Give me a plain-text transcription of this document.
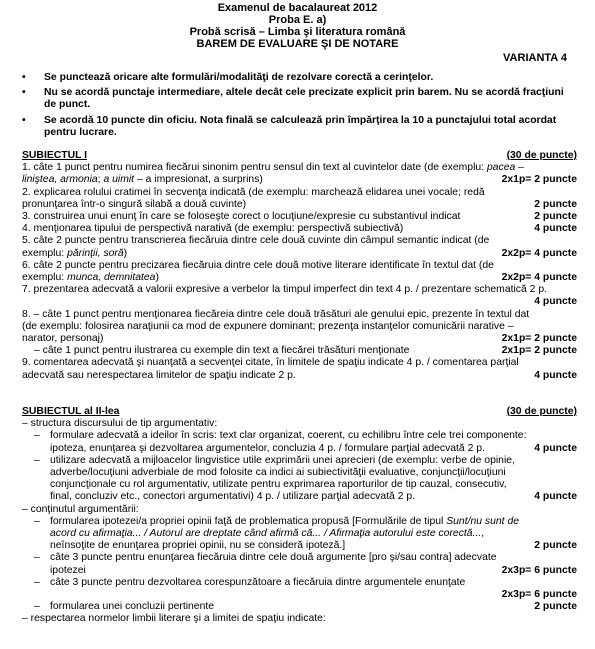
Examenul de bacalaureat 2012
Proba E. a)
Probă scrisă – Limba şi literatura română
BAREM DE EVALUARE ŞI DE NOTARE
VARIANTA 4
•	Se punctează oricare alte formulări/modalităţi de rezolvare corectă a cerinţelor.
•	Nu se acordă punctaje intermediare, altele decât cele precizate explicit prin barem. Nu se acordă fracţiuni de punct.
•	Se acordă 10 puncte din oficiu. Nota finală se calculează prin împărţirea la 10 a punctajului total acordat pentru lucrare.
SUBIECTUL I	(30 de puncte)
1. câte 1 punct pentru numirea fiecărui sinonim pentru sensul din text al cuvintelor date (de exemplu: pacea –
liniştea, armonia; a uimit – a impresionat, a surprins)	2x1p= 2 puncte
2. explicarea rolului cratimei în secvenţa indicată (de exemplu: marchează elidarea unei vocale; redă
pronunţarea într-o singură silabă a douǎ cuvinte)	2 puncte
3. construirea unui enunţ în care se foloseşte corect o locuţiune/expresie cu substantivul indicat	2 puncte
4. menţionarea tipului de perspectivă narativă (de exemplu: perspectivă subiectivă)	4 puncte
5. câte 2 puncte pentru transcrierea fiecăruia dintre cele două cuvinte din câmpul semantic indicat (de
exemplu: părinţii, soră)	2x2p= 4 puncte
6. câte 2 puncte pentru precizarea fiecăruia dintre cele două motive literare identificate în textul dat (de
exemplu: munca, demnitatea)	2x2p= 4 puncte
7. prezentarea adecvată a valorii expresive a verbelor la timpul imperfect din text 4 p. / prezentare schematică 2 p.
4 puncte
8. – câte 1 punct pentru menţionarea fiecăreia dintre cele două trăsături ale genului epic, prezente în textul dat
(de exemplu: folosirea naraţiunii ca mod de expunere dominant; prezenţa instanţelor comunicării narative –
narator, personaj)	2x1p= 2 puncte
– câte 1 punct pentru ilustrarea cu exemple din text a fiecărei trăsături menţionate	2x1p= 2 puncte
9. comentarea adecvată şi nuanţată a secvenţei citate, în limitele de spaţiu indicate 4 p. / comentarea parţial
adecvată sau nerespectarea limitelor de spaţiu indicate 2 p.	4 puncte
SUBIECTUL al II-lea	(30 de puncte)
– structura discursului de tip argumentativ:
– formulare adecvată a ideilor în scris: text clar organizat, coerent, cu echilibru între cele trei componente:
ipoteza, enunţarea şi dezvoltarea argumentelor, concluzia 4 p. / formulare parţial adecvată 2 p.	4 puncte
– utilizare adecvată a mijloacelor lingvistice utile exprimării unei aprecieri (de exemplu: verbe de opinie,
adverbe/locuţiuni adverbiale de mod folosite ca indici ai subiectivităţii evaluative, conjuncţii/locuţiuni
conjuncţionale cu rol argumentativ, utilizate pentru exprimarea raporturilor de tip cauzal, consecutiv,
final, concluziv etc., conectori argumentativi) 4 p. / utilizare parţial adecvată 2 p.	4 puncte
– conţinutul argumentării:
– formularea ipotezei/a propriei opinii faţă de problematica propusă [Formulările de tipul Sunt/nu sunt de
acord cu afirmaţia... / Autorul are dreptate când afirmă că... / Afirmaţia autorului este corectă...,
neînsoţite de enunţarea propriei opinii, nu se consideră ipoteză.]	2 puncte
– câte 3 puncte pentru enunţarea fiecăruia dintre cele două argumente [pro şi/sau contra] adecvate
ipotezei	2x3p= 6 puncte
– câte 3 puncte pentru dezvoltarea corespunzătoare a fiecăruia dintre argumentele enunţate
2x3p= 6 puncte
– formularea unei concluzii pertinente	2 puncte
– respectarea normelor limbii literare şi a limitei de spaţiu indicate:
